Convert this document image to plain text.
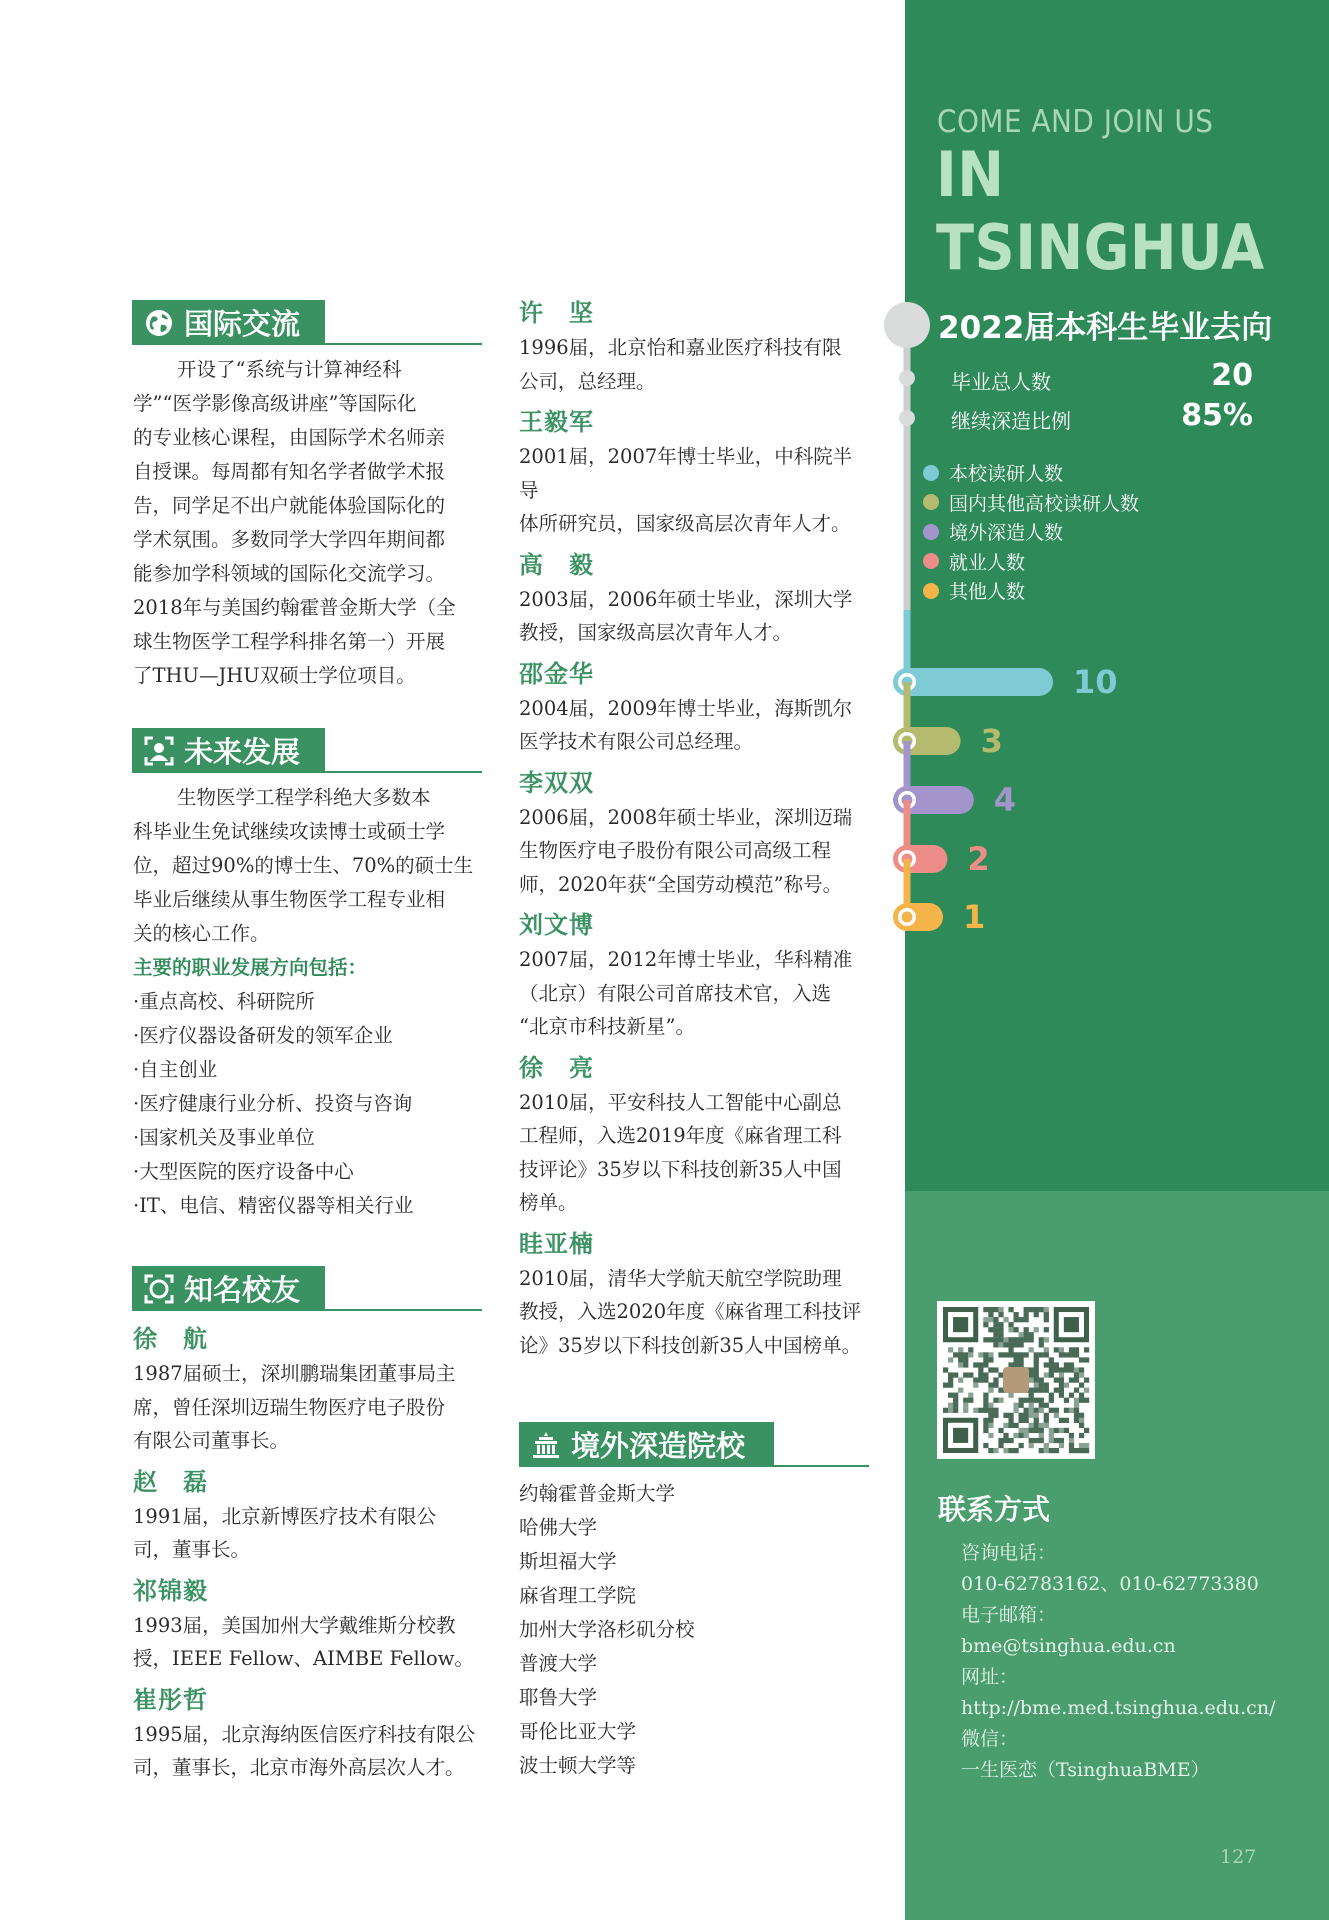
COME AND JOIN US
IN TSINGHUA
10
3
4
2
1
2022届本科生毕业去向
毕业总人数	20
继续深造比例	85%
本校读研人数
国内其他高校读研人数
境外深造人数
就业人数
其他人数
联系方式
咨询电话：
010-62783162、010-62773380
电子邮箱：
bme@tsinghua.edu.cn
网址：
http://bme.med.tsinghua.edu.cn/
微信：
一生医恋（TsinghuaBME）
127
国际交流

开设了“系统与计算神经科

学”“医学影像高级讲座”等国际化

的专业核心课程，由国际学术名师亲

自授课。每周都有知名学者做学术报

告，同学足不出户就能体验国际化的

学术氛围。多数同学大学四年期间都

能参加学科领域的国际化交流学习。

2018年与美国约翰霍普金斯大学（全

球生物医学工程学科排名第一）开展

了THU—JHU双硕士学位项目。

未来发展

生物医学工程学科绝大多数本

科毕业生免试继续攻读博士或硕士学

位，超过90%的博士生、70%的硕士生

毕业后继续从事生物医学工程专业相

关的核心工作。

主要的职业发展方向包括：
·重点高校、科研院所
·医疗仪器设备研发的领军企业
·自主创业
·医疗健康行业分析、投资与咨询
·国家机关及事业单位
·大型医院的医疗设备中心
·IT、电信、精密仪器等相关行业
知名校友
徐　航
1987届硕士，深圳鹏瑞集团董事局主
席，曾任深圳迈瑞生物医疗电子股份
有限公司董事长。
赵　磊
1991届，北京新博医疗技术有限公
司，董事长。
祁锦毅
1993届，美国加州大学戴维斯分校教
授，IEEE Fellow、AIMBE Fellow。
崔彤哲
1995届，北京海纳医信医疗科技有限公
司，董事长，北京市海外高层次人才。
许　坚
1996届，北京怡和嘉业医疗科技有限
公司，总经理。
王毅军
2001届，2007年博士毕业，中科院半导
体所研究员，国家级高层次青年人才。
高　毅
2003届，2006年硕士毕业，深圳大学
教授，国家级高层次青年人才。
邵金华
2004届，2009年博士毕业，海斯凯尔
医学技术有限公司总经理。
李双双
2006届，2008年硕士毕业，深圳迈瑞
生物医疗电子股份有限公司高级工程
师，2020年获“全国劳动模范”称号。
刘文博
2007届，2012年博士毕业，华科精准
（北京）有限公司首席技术官，入选
“北京市科技新星”。
徐　亮
2010届，平安科技人工智能中心副总
工程师，入选2019年度《麻省理工科
技评论》35岁以下科技创新35人中国
榜单。
眭亚楠
2010届，清华大学航天航空学院助理
教授，入选2020年度《麻省理工科技评
论》35岁以下科技创新35人中国榜单。
境外深造院校
约翰霍普金斯大学
哈佛大学
斯坦福大学
麻省理工学院
加州大学洛杉矶分校
普渡大学
耶鲁大学
哥伦比亚大学
波士顿大学等
